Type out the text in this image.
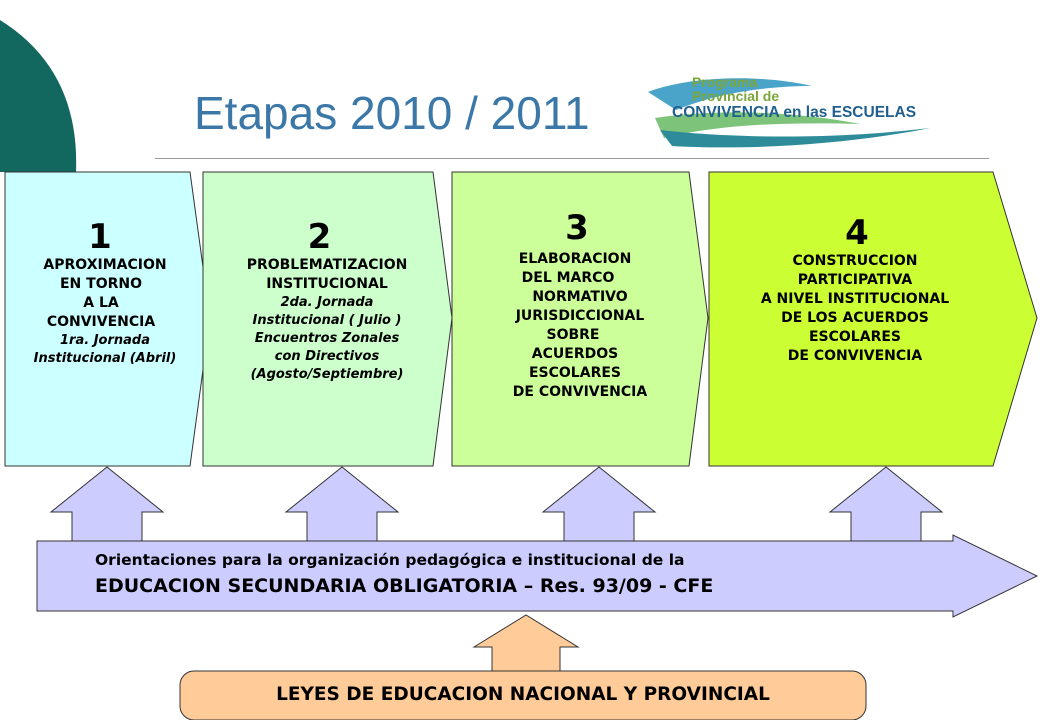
Etapas 2010 / 2011
Programa
Provincial de
CONVIVENCIA en las ESCUELAS
1
APROXIMACION
EN TORNO
A LA
CONVIVENCIA
1ra. Jornada
Institucional (Abril)
2
PROBLEMATIZACION
INSTITUCIONAL
2da. Jornada
Institucional ( Julio )
Encuentros Zonales
con Directivos
(Agosto/Septiembre)
3
ELABORACION
DEL MARCO
NORMATIVO
JURISDICCIONAL
SOBRE
ACUERDOS
ESCOLARES
DE CONVIVENCIA
4
CONSTRUCCION
PARTICIPATIVA
A NIVEL INSTITUCIONAL
DE LOS ACUERDOS
ESCOLARES
DE CONVIVENCIA
Orientaciones para la organización pedagógica e institucional de la
EDUCACION SECUNDARIA OBLIGATORIA – Res. 93/09 - CFE
LEYES DE EDUCACION NACIONAL Y PROVINCIAL
